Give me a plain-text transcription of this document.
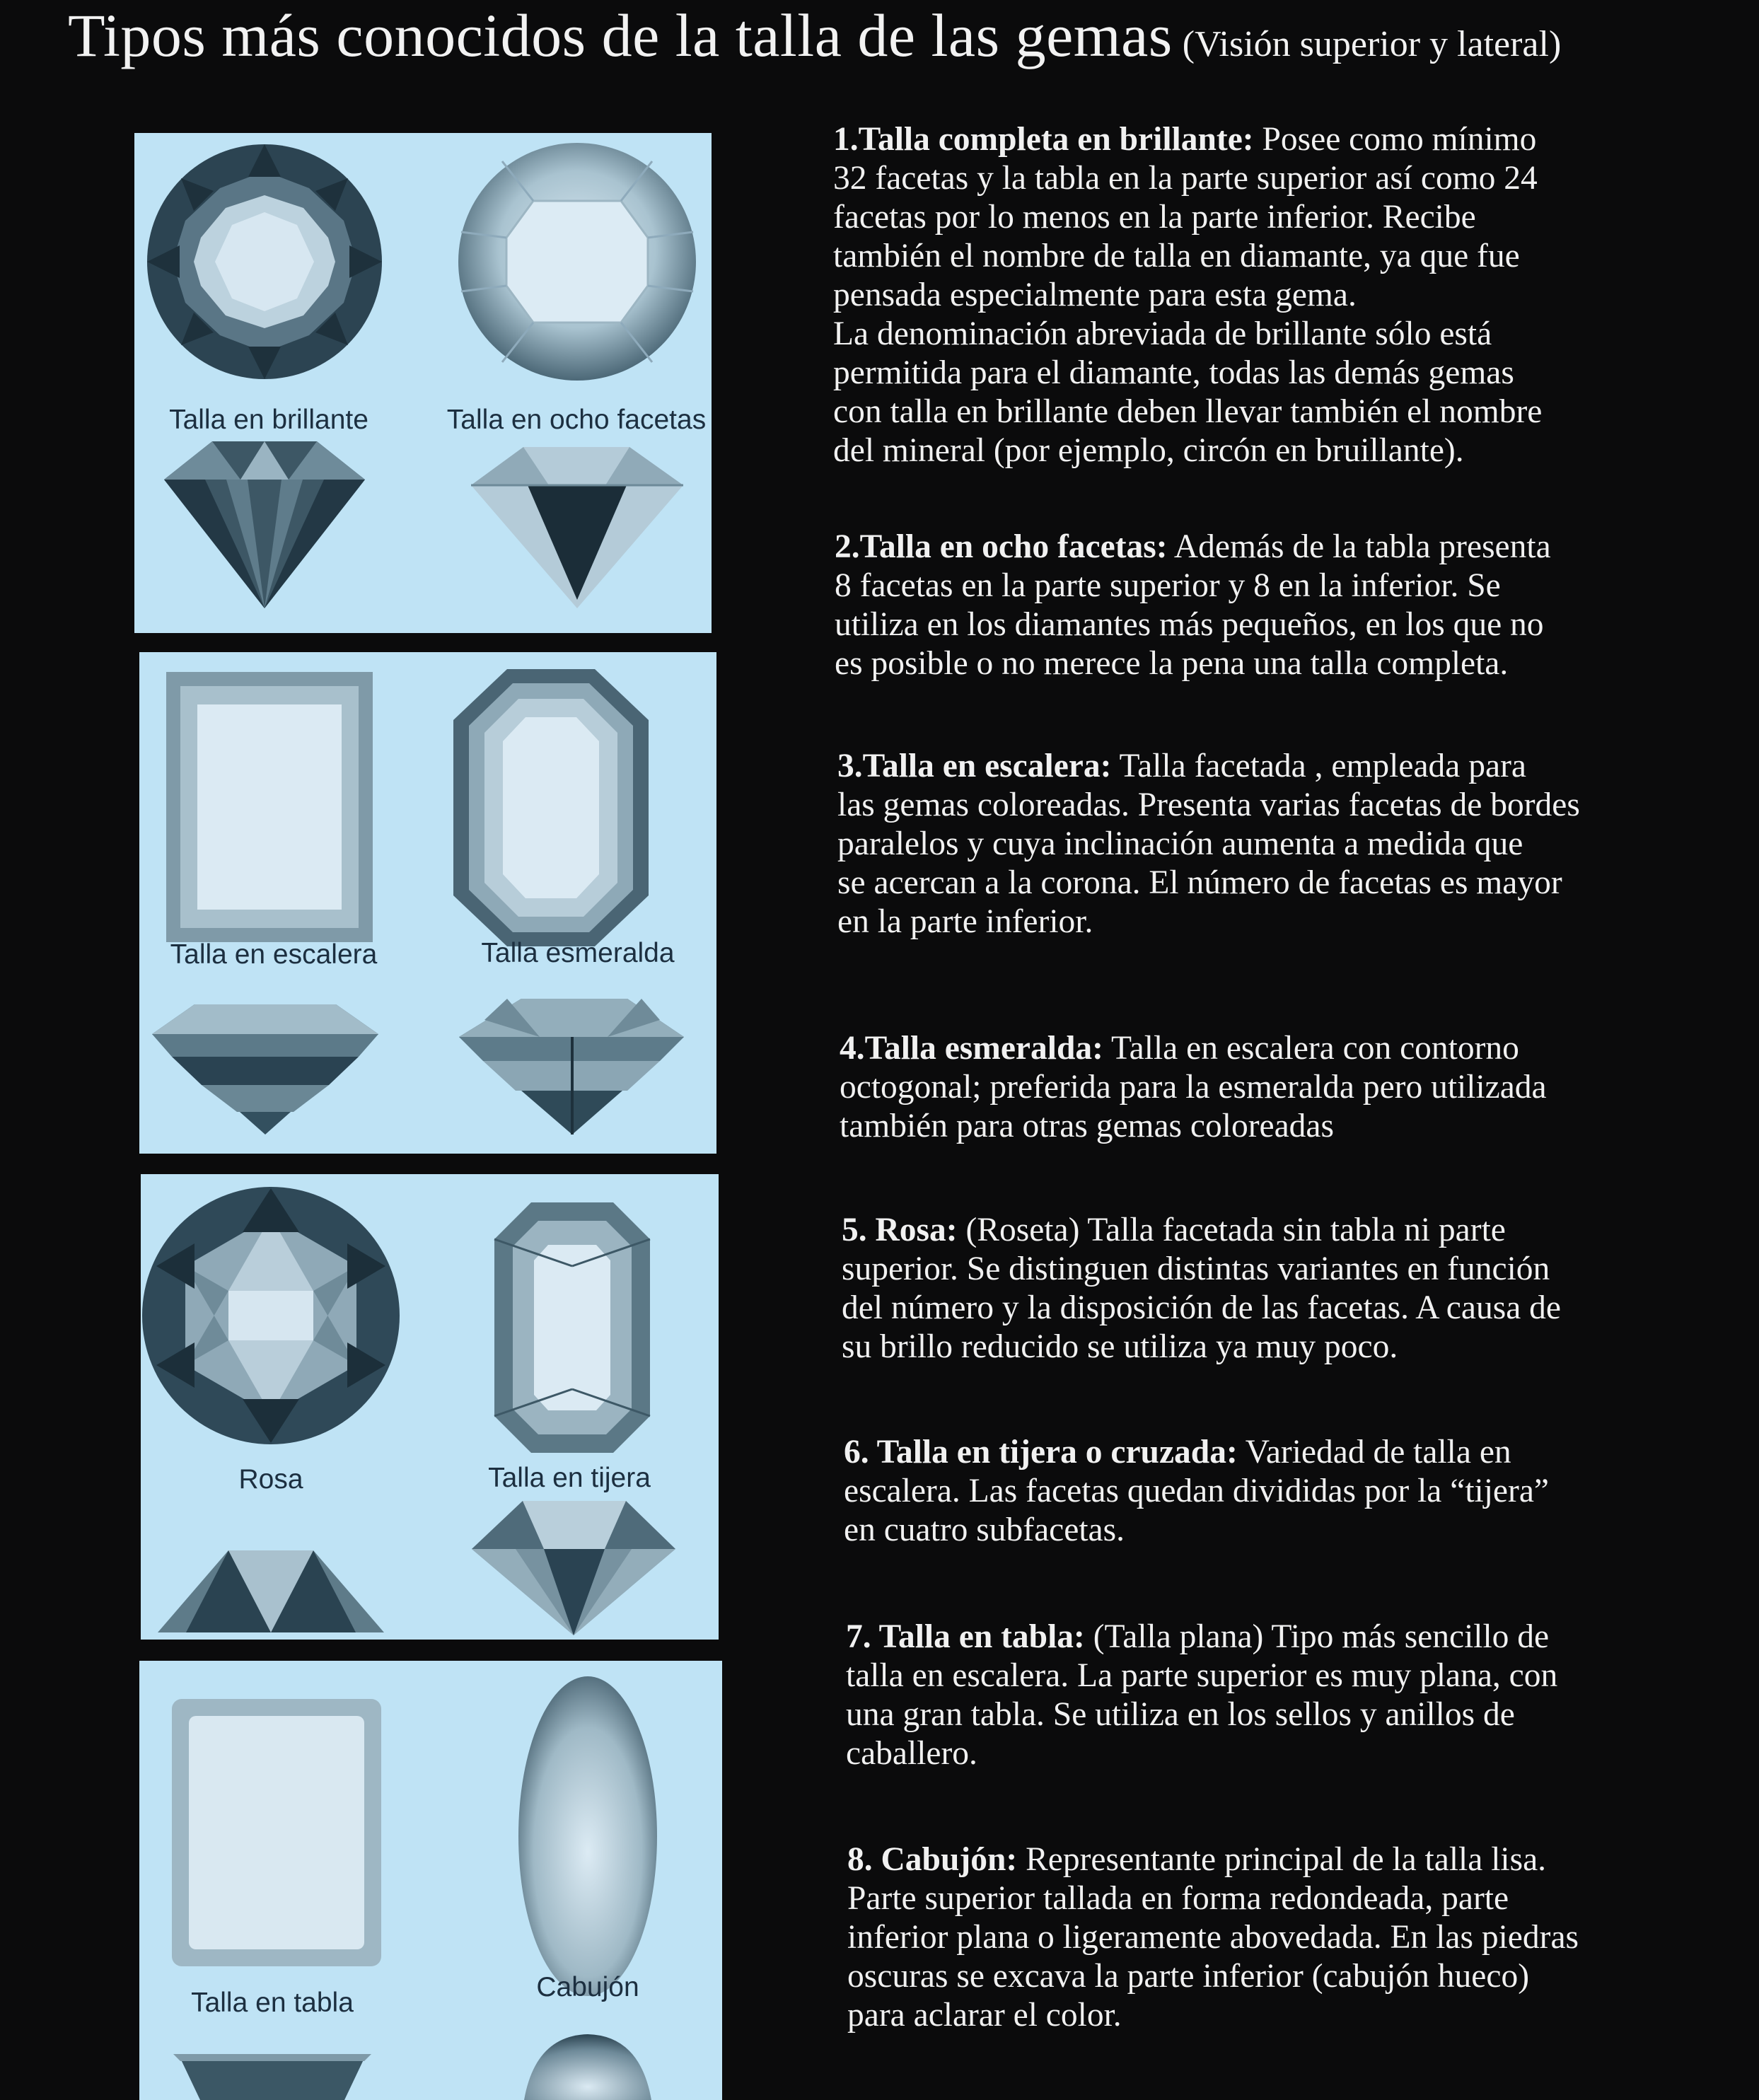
Tipos más conocidos de la talla de las gemas (Visión superior y lateral)
Talla en brillante	Talla en ocho facetas
Talla en escalera	Talla esmeralda
Rosa	Talla en tijera
Talla en tabla
Cabujón

1.Talla completa en brillante: Posee como mínimo
32 facetas y la tabla en la parte superior así como 24
facetas por lo menos en la parte inferior. Recibe
también el nombre de talla en diamante, ya que fue
pensada especialmente para esta gema.
La denominación abreviada de brillante sólo está
permitida para el diamante, todas las demás gemas
con talla en brillante deben llevar también el nombre
del mineral (por ejemplo, circón en bruillante).

2.Talla en ocho facetas: Además de la tabla presenta
8 facetas en la parte superior y 8 en la inferior. Se
utiliza en los diamantes más pequeños, en los que no
es posible o no merece la pena una talla completa.

3.Talla en escalera: Talla facetada , empleada para
las gemas coloreadas. Presenta varias facetas de bordes
paralelos y cuya inclinación aumenta a medida que
se acercan a la corona. El número de facetas es mayor
en la parte inferior.

4.Talla esmeralda: Talla en escalera con contorno
octogonal; preferida para la esmeralda pero utilizada
también para otras gemas coloreadas

5. Rosa: (Roseta) Talla facetada sin tabla ni parte
superior. Se distinguen distintas variantes en función
del número y la disposición de las facetas. A causa de
su brillo reducido se utiliza ya muy poco.

6. Talla en tijera o cruzada: Variedad de talla en
escalera. Las facetas quedan divididas por la “tijera”
en cuatro subfacetas.

7. Talla en tabla: (Talla plana) Tipo más sencillo de
talla en escalera. La parte superior es muy plana, con
una gran tabla. Se utiliza en los sellos y anillos de
caballero.

8. Cabujón: Representante principal de la talla lisa.
Parte superior tallada en forma redondeada, parte
inferior plana o ligeramente abovedada. En las piedras
oscuras se excava la parte inferior (cabujón hueco)
para aclarar el color.
